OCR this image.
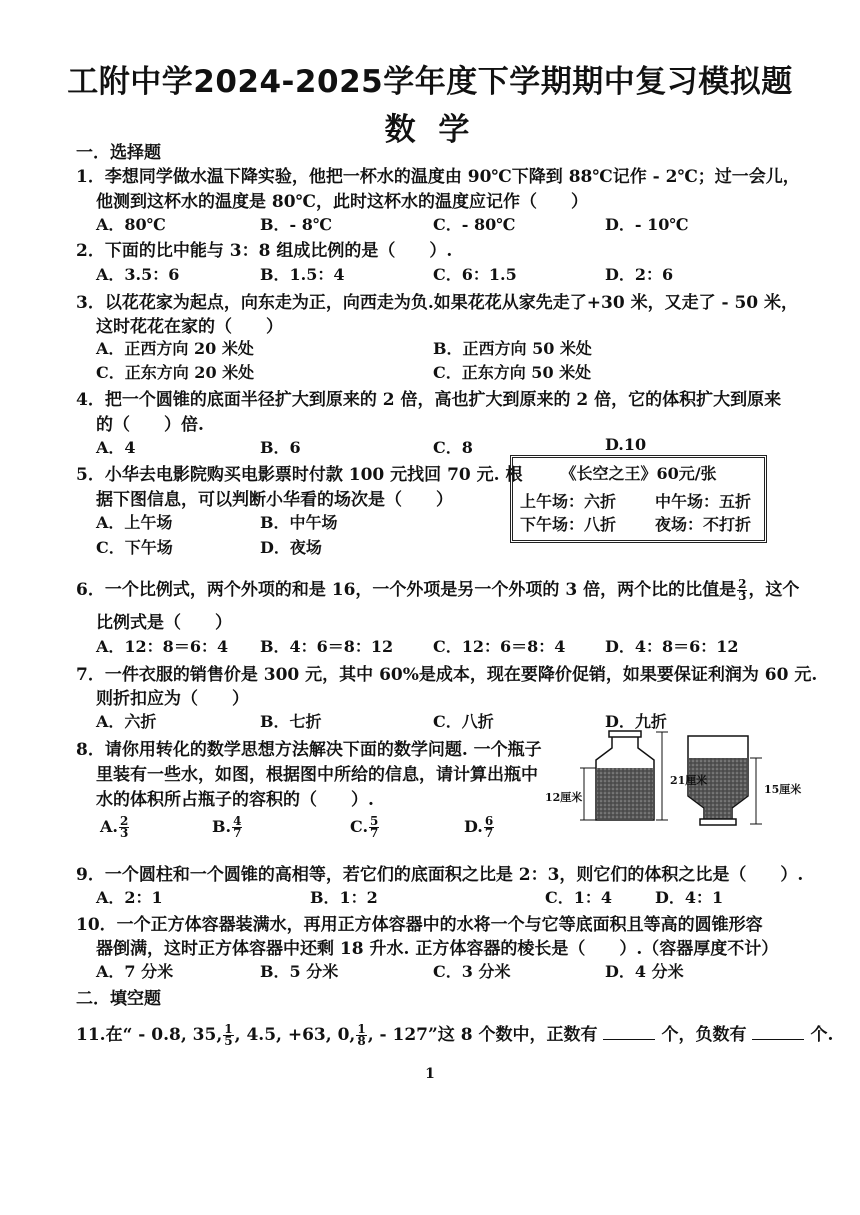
工附中学2024-2025学年度下学期期中复习模拟题
数 学
一．选择题
1．李想同学做水温下降实验，他把一杯水的温度由 90℃下降到 88℃记作 - 2℃；过一会儿，
他测到这杯水的温度是 80℃，此时这杯水的温度应记作（　　）
A．80℃	B．- 8℃	C．- 80℃	D．- 10℃
2．下面的比中能与 3：8 组成比例的是（　　）.
A．3.5：6	B．1.5：4	C．6：1.5	D．2：6
3．以花花家为起点，向东走为正，向西走为负.如果花花从家先走了+30 米，又走了 - 50 米，
这时花花在家的（　　）
A．正西方向 20 米处	B．正西方向 50 米处
C．正东方向 20 米处	C．正东方向 50 米处
4．把一个圆锥的底面半径扩大到原来的 2 倍，高也扩大到原来的 2 倍，它的体积扩大到原来
的（　　）倍.
A．4	B．6	C．8	D.10
5．小华去电影院购买电影票时付款 100 元找回 70 元. 根
据下图信息，可以判断小华看的场次是（　　）
A．上午场	B．中午场
C．下午场	D．夜场
《长空之王》60元/张
上午场：六折 中午场：五折
下午场：八折 夜场：不打折
6．一个比例式，两个外项的和是 16，一个外项是另一个外项的 3 倍，两个比的比值是 $\frac{2}{3}$ ，这个
比例式是（　　）
A．12：8＝6：4 B．4：6＝8：12 C．12：6＝8：4 D．4：8＝6：12
7．一件衣服的销售价是 300 元，其中 60%是成本，现在要降价促销，如果要保证利润为 60 元.
则折扣应为（　　）
A．六折	B．七折	C．八折	D．九折
8．请你用转化的数学思想方法解决下面的数学问题. 一个瓶子
里装有一些水，如图，根据图中所给的信息，请计算出瓶中
水的体积所占瓶子的容积的（　　）.
A. $\frac{2}{3}$	B. $\frac{4}{7}$	C. $\frac{5}{7}$	D. $\frac{6}{7}$
12厘米
21厘米
15厘米
9．一个圆柱和一个圆锥的高相等，若它们的底面积之比是 2：3，则它们的体积之比是（　　）.
A．2：1	B．1：2	C．1：4	D．4：1
10．一个正方体容器装满水，再用正方体容器中的水将一个与它等底面积且等高的圆锥形容
器倒满，这时正方体容器中还剩 18 升水. 正方体容器的棱长是（　　）.（容器厚度不计）
A．7 分米	B．5 分米	C．3 分米	D．4 分米
二．填空题
11.在“ - 0.8, 35, $\frac{1}{5}$ , 4.5, +63, 0, $\frac{1}{8}$ , - 127”这 8 个数中，正数有	个，负数有	个.
1
